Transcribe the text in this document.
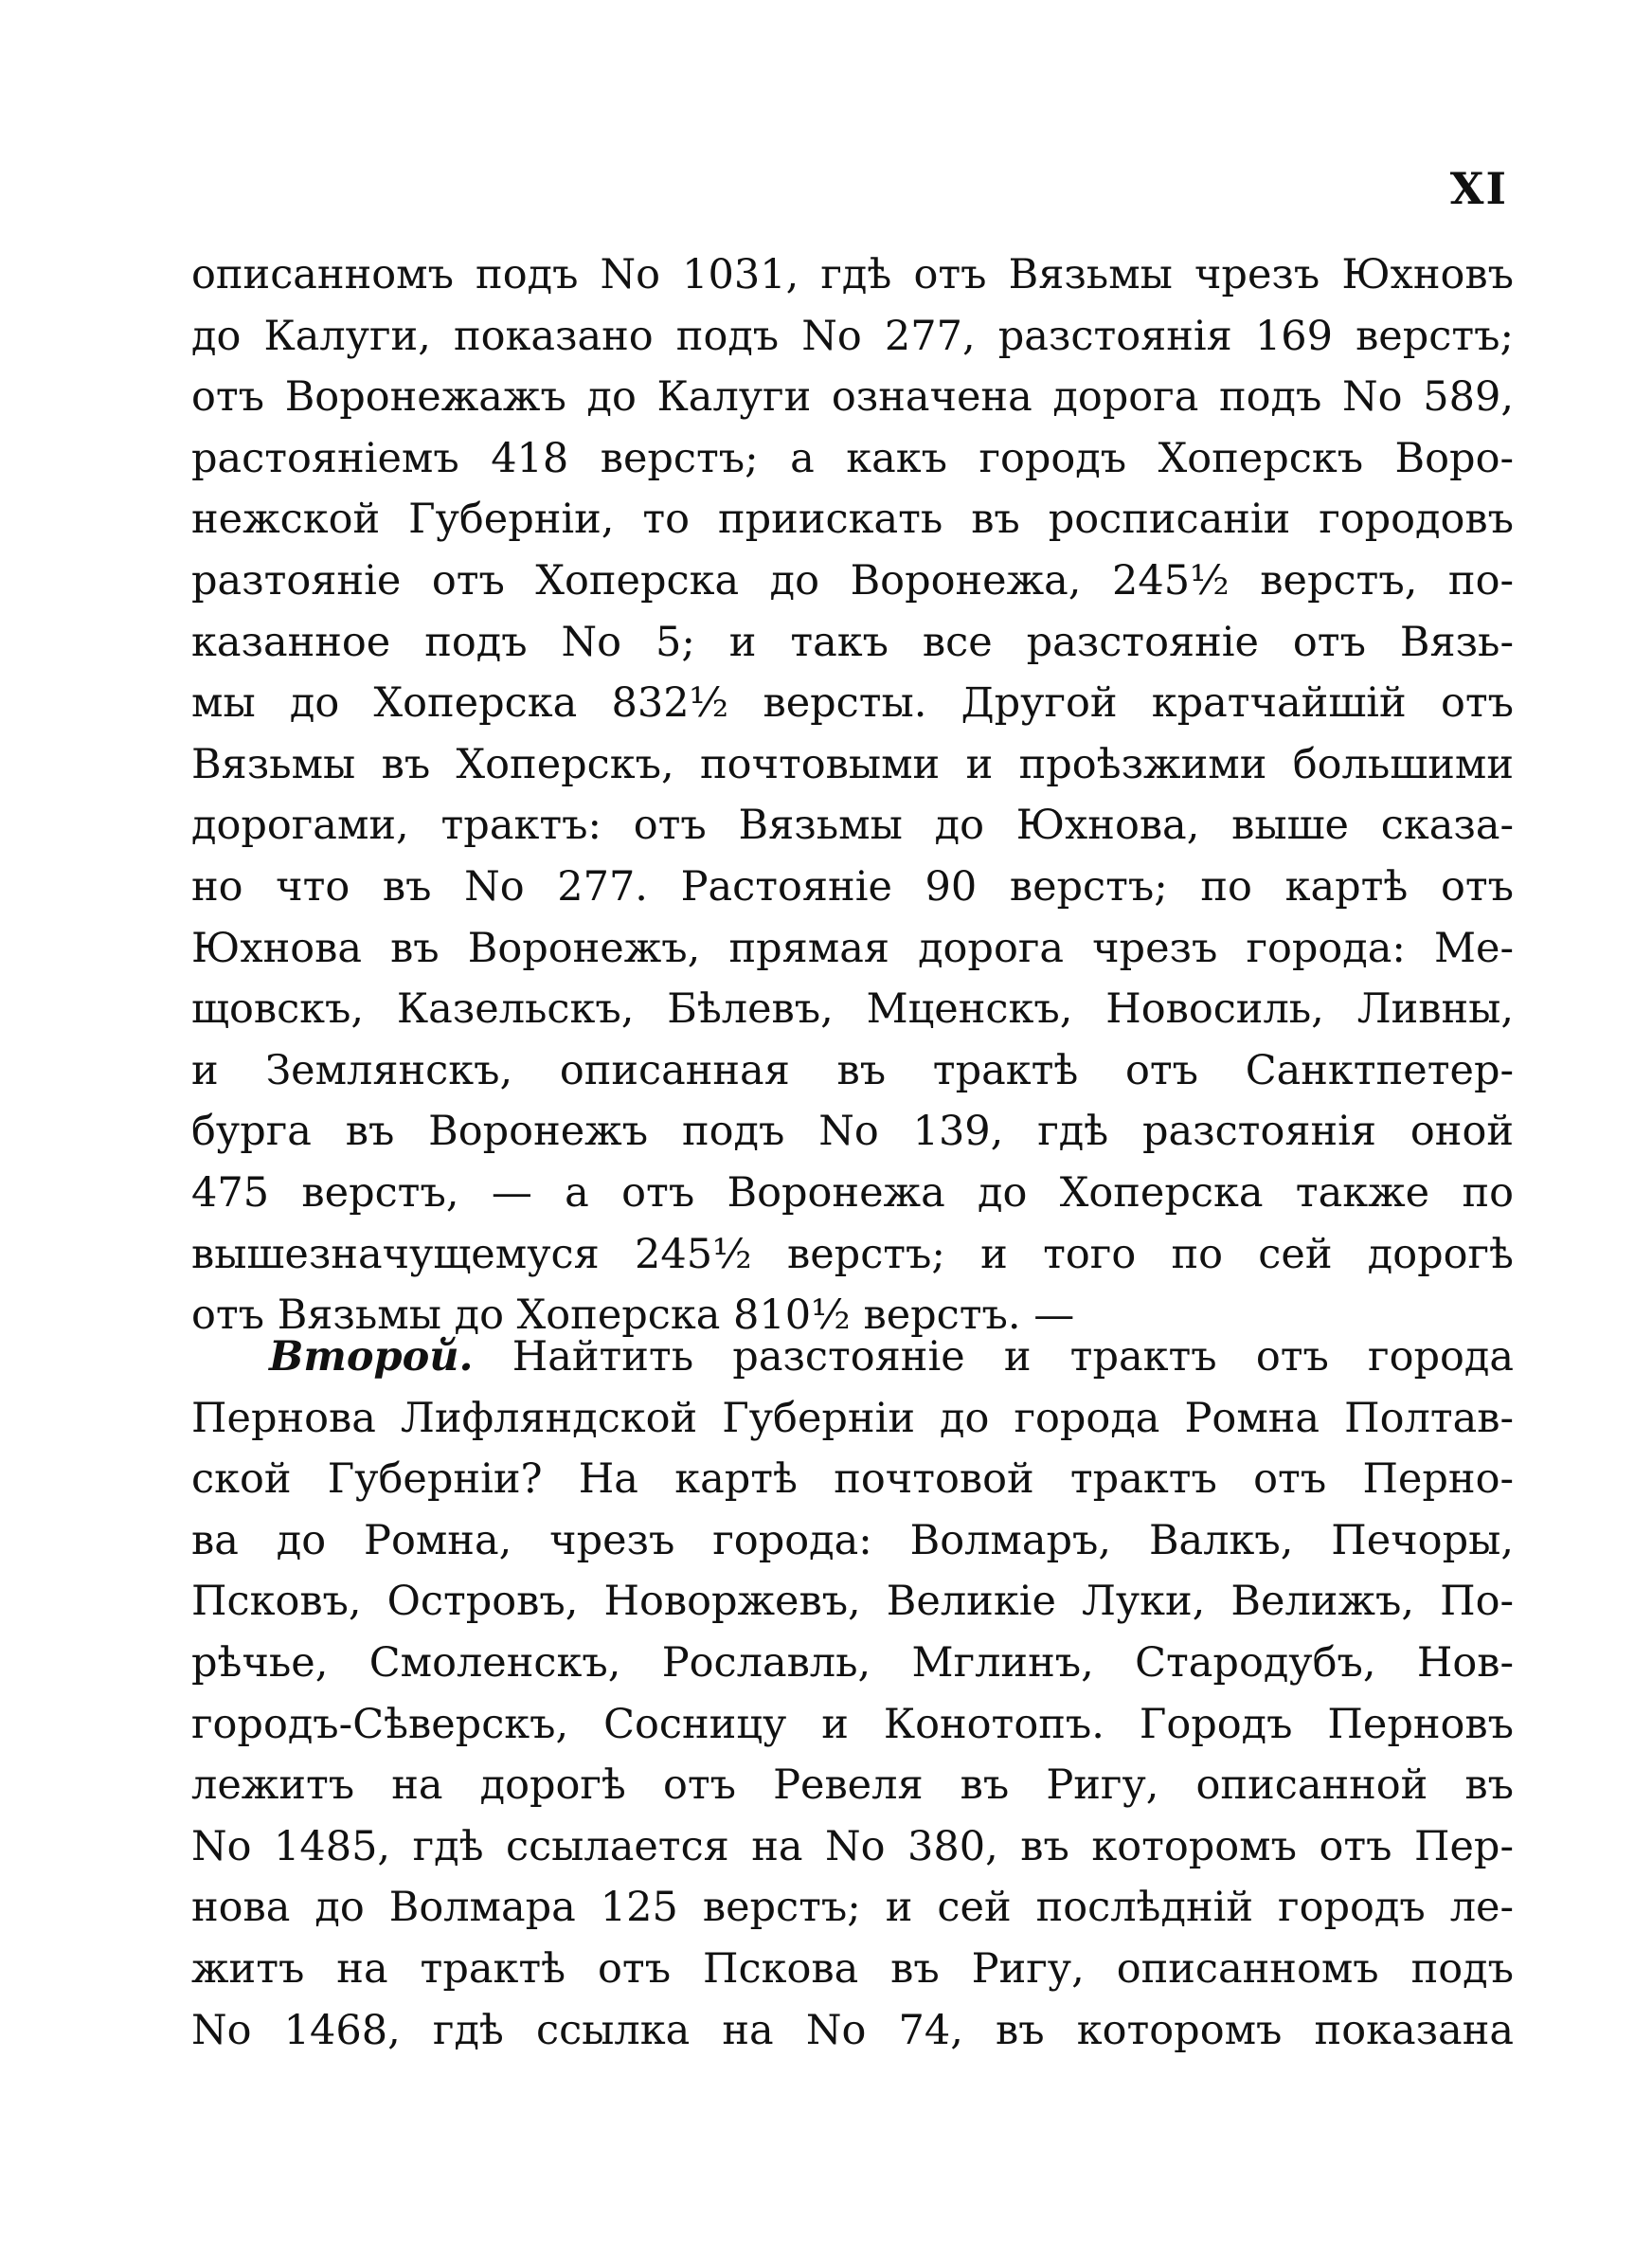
XI
описанномъ подъ No 1031, гдѣ отъ Вязьмы чрезъ Юхновъ
до Калуги, показано подъ No 277, разстоянія 169 верстъ;
отъ Воронежажъ до Калуги означена дорога подъ No 589,
растояніемъ 418 верстъ; а какъ городъ Хоперскъ Воро-
нежской Губерніи, то приискать въ росписаніи городовъ
разтояніе отъ Хоперска до Воронежа, 245½ верстъ, по-
казанное подъ No 5; и такъ все разстояніе отъ Вязь-
мы до Хоперска 832½ версты. Другой кратчайшій отъ
Вязьмы въ Хоперскъ, почтовыми и проѣзжими большими
дорогами, трактъ: отъ Вязьмы до Юхнова, выше сказа-
но что въ No 277. Растояніе 90 верстъ; по картѣ отъ
Юхнова въ Воронежъ, прямая дорога чрезъ города: Ме-
щовскъ, Казельскъ, Бѣлевъ, Мценскъ, Новосиль, Ливны,
и Землянскъ, описанная въ трактѣ отъ Санктпетер-
бурга въ Воронежъ подъ No 139, гдѣ разстоянія оной
475 верстъ, — а отъ Воронежа до Хоперска также по
вышезначущемуся 245½ верстъ; и того по сей дорогѣ
отъ Вязьмы до Хоперска 810½ верстъ. —
Второй. Найтить разстояніе и трактъ отъ города
Пернова Лифляндской Губерніи до города Ромна Полтав-
ской Губерніи? На картѣ почтовой трактъ отъ Перно-
ва до Ромна, чрезъ города: Волмаръ, Валкъ, Печоры,
Псковъ, Островъ, Новоржевъ, Великіе Луки, Велижъ, По-
рѣчье, Смоленскъ, Рославль, Мглинъ, Стародубъ, Нов-
городъ-Сѣверскъ, Сосницу и Конотопъ. Городъ Перновъ
лежитъ на дорогѣ отъ Ревеля въ Ригу, описанной въ
No 1485, гдѣ ссылается на No 380, въ которомъ отъ Пер-
нова до Волмара 125 верстъ; и сей послѣдній городъ ле-
житъ на трактѣ отъ Пскова въ Ригу, описанномъ подъ
No 1468, гдѣ ссылка на No 74, въ которомъ показана
